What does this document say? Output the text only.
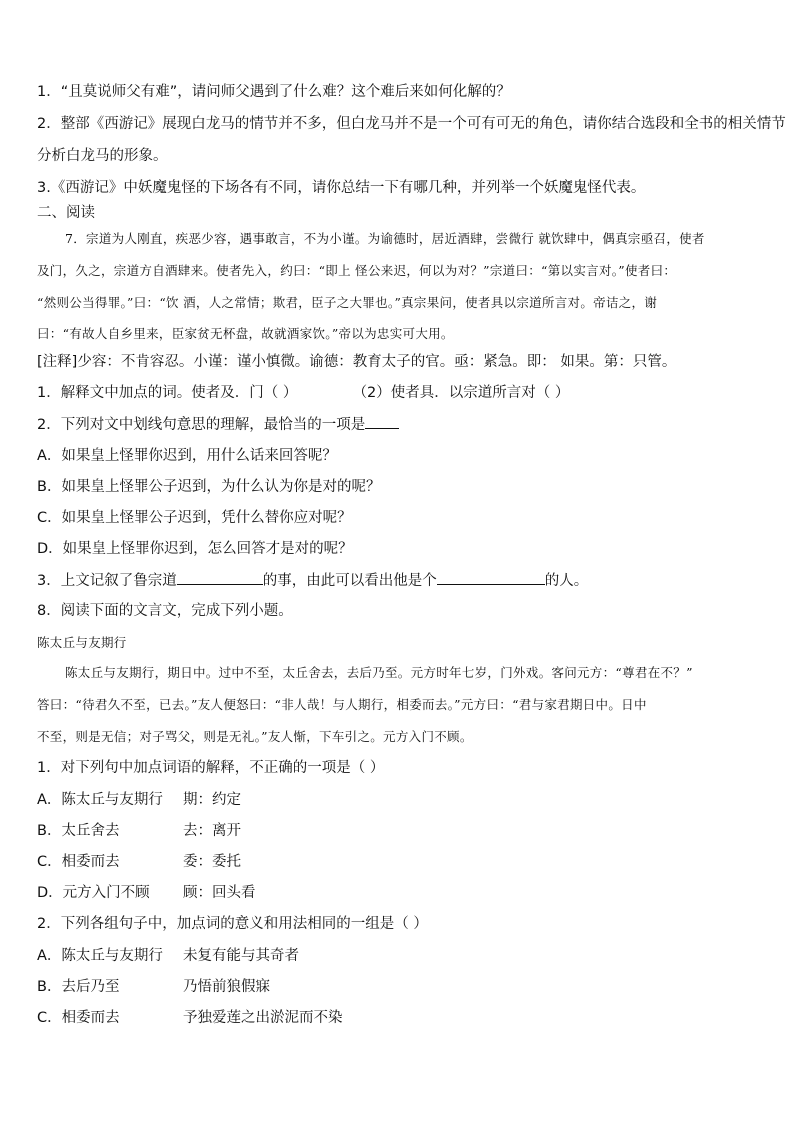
1．“且莫说师父有难”，请问师父遇到了什么难？这个难后来如何化解的？
2．整部《西游记》展现白龙马的情节并不多，但白龙马并不是一个可有可无的角色，请你结合选段和全书的相关情节
分析白龙马的形象。
3.《西游记》中妖魔鬼怪的下场各有不同，请你总结一下有哪几种，并列举一个妖魔鬼怪代表。
二、阅读
7．宗道为人刚直，疾恶少容，遇事敢言，不为小谨。为谕德时，居近酒肆，尝微行 就饮肆中，偶真宗亟召，使者
及门，久之，宗道方自酒肆来。使者先入，约曰：“即上 怪公来迟，何以为对？”宗道曰：“第以实言对。”使者曰：
“然则公当得罪。”曰：“饮 酒，人之常情；欺君，臣子之大罪也。”真宗果问，使者具以宗道所言对。帝诘之，谢
曰：“有故人自乡里来，臣家贫无杯盘，故就酒家饮。”帝以为忠实可大用。
[注释]少容：不肯容忍。小谨：谨小慎微。谕德：教育太子的官。亟：紧急。即： 如果。第：只管。
1．解释文中加点的词。使者及．门（ ）	（2）使者具．以宗道所言对（ ）
2．下列对文中划线句意思的理解，最恰当的一项是
A．如果皇上怪罪你迟到，用什么话来回答呢？
B．如果皇上怪罪公子迟到，为什么认为你是对的呢？
C．如果皇上怪罪公子迟到，凭什么替你应对呢？
D．如果皇上怪罪你迟到，怎么回答才是对的呢？
3．上文记叙了鲁宗道	的事，由此可以看出他是个	的人。
8．阅读下面的文言文，完成下列小题。
陈太丘与友期行
陈太丘与友期行，期日中。过中不至，太丘舍去，去后乃至。元方时年七岁，门外戏。客问元方：“尊君在不？”
答曰：“待君久不至，已去。”友人便怒曰：“非人哉！与人期行，相委而去。”元方曰：“君与家君期日中。日中
不至，则是无信；对子骂父，则是无礼。”友人惭，下车引之。元方入门不顾。
1．对下列句中加点词语的解释，不正确的一项是（ ）
A．陈太丘与友期行 期：约定
B．太丘舍去	去：离开
C．相委而去	委：委托
D．元方入门不顾 顾：回头看
2．下列各组句子中，加点词的意义和用法相同的一组是（ ）
A．陈太丘与友期行 未复有能与其奇者
B．去后乃至	乃悟前狼假寐
C．相委而去	予独爱莲之出淤泥而不染
